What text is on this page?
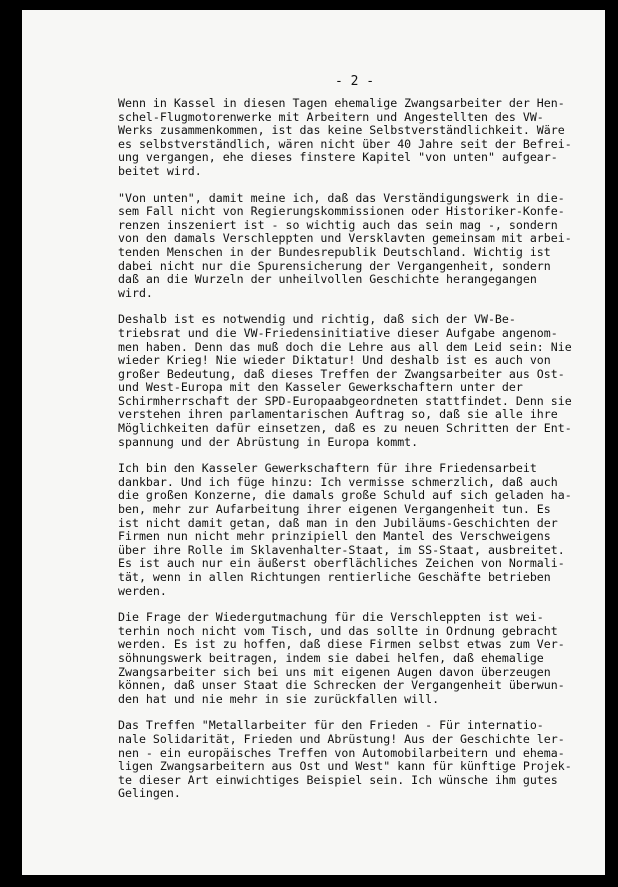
- 2 -
Wenn in Kassel in diesen Tagen ehemalige Zwangsarbeiter der Hen-
schel-Flugmotorenwerke mit Arbeitern und Angestellten des VW-
Werks zusammenkommen, ist das keine Selbstverständlichkeit. Wäre
es selbstverständlich, wären nicht über 40 Jahre seit der Befrei-
ung vergangen, ehe dieses finstere Kapitel "von unten" aufgear-
beitet wird.
"Von unten", damit meine ich, daß das Verständigungswerk in die-
sem Fall nicht von Regierungskommissionen oder Historiker-Konfe-
renzen inszeniert ist - so wichtig auch das sein mag -, sondern
von den damals Verschleppten und Versklavten gemeinsam mit arbei-
tenden Menschen in der Bundesrepublik Deutschland. Wichtig ist
dabei nicht nur die Spurensicherung der Vergangenheit, sondern
daß an die Wurzeln der unheilvollen Geschichte herangegangen
wird.
Deshalb ist es notwendig und richtig, daß sich der VW-Be-
triebsrat und die VW-Friedensinitiative dieser Aufgabe angenom-
men haben. Denn das muß doch die Lehre aus all dem Leid sein: Nie
wieder Krieg! Nie wieder Diktatur! Und deshalb ist es auch von
großer Bedeutung, daß dieses Treffen der Zwangsarbeiter aus Ost-
und West-Europa mit den Kasseler Gewerkschaftern unter der
Schirmherrschaft der SPD-Europaabgeordneten stattfindet. Denn sie
verstehen ihren parlamentarischen Auftrag so, daß sie alle ihre
Möglichkeiten dafür einsetzen, daß es zu neuen Schritten der Ent-
spannung und der Abrüstung in Europa kommt.
Ich bin den Kasseler Gewerkschaftern für ihre Friedensarbeit
dankbar. Und ich füge hinzu: Ich vermisse schmerzlich, daß auch
die großen Konzerne, die damals große Schuld auf sich geladen ha-
ben, mehr zur Aufarbeitung ihrer eigenen Vergangenheit tun. Es
ist nicht damit getan, daß man in den Jubiläums-Geschichten der
Firmen nun nicht mehr prinzipiell den Mantel des Verschweigens
über ihre Rolle im Sklavenhalter-Staat, im SS-Staat, ausbreitet.
Es ist auch nur ein äußerst oberflächliches Zeichen von Normali-
tät, wenn in allen Richtungen rentierliche Geschäfte betrieben
werden.
Die Frage der Wiedergutmachung für die Verschleppten ist wei-
terhin noch nicht vom Tisch, und das sollte in Ordnung gebracht
werden. Es ist zu hoffen, daß diese Firmen selbst etwas zum Ver-
söhnungswerk beitragen, indem sie dabei helfen, daß ehemalige
Zwangsarbeiter sich bei uns mit eigenen Augen davon überzeugen
können, daß unser Staat die Schrecken der Vergangenheit überwun-
den hat und nie mehr in sie zurückfallen will.
Das Treffen "Metallarbeiter für den Frieden - Für internatio-
nale Solidarität, Frieden und Abrüstung! Aus der Geschichte ler-
nen - ein europäisches Treffen von Automobilarbeitern und ehema-
ligen Zwangsarbeitern aus Ost und West" kann für künftige Projek-
te dieser Art einwichtiges Beispiel sein. Ich wünsche ihm gutes
Gelingen.
